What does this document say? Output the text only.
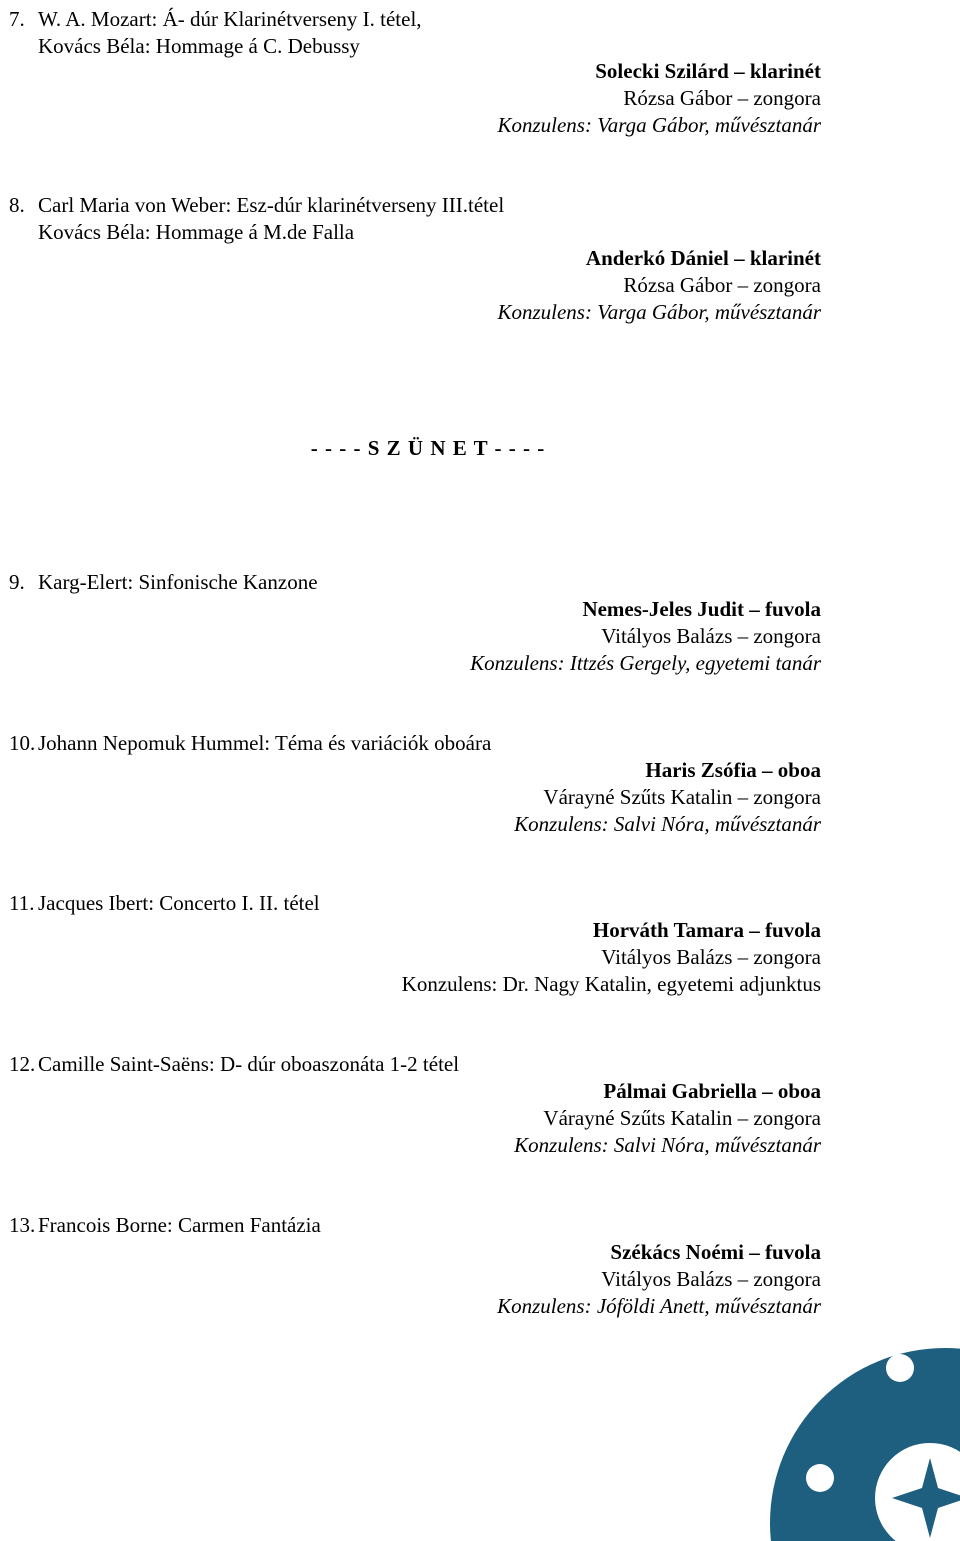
7. W. A. Mozart: Á- dúr Klarinétverseny I. tétel,
Kovács Béla: Hommage á C. Debussy
Solecki Szilárd – klarinét
Rózsa Gábor – zongora
Konzulens: Varga Gábor, művésztanár
8. Carl Maria von Weber: Esz-dúr klarinétverseny III.tétel
Kovács Béla: Hommage á M.de Falla
Anderkó Dániel – klarinét
Rózsa Gábor – zongora
Konzulens: Varga Gábor, művésztanár
- - - - S Z Ü N E T - - - -
9. Karg-Elert: Sinfonische Kanzone
Nemes-Jeles Judit – fuvola
Vitályos Balázs – zongora
Konzulens: Ittzés Gergely, egyetemi tanár
10. Johann Nepomuk Hummel: Téma és variációk oboára
Haris Zsófia – oboa
Várayné Szűts Katalin – zongora
Konzulens: Salvi Nóra, művésztanár
11. Jacques Ibert: Concerto I. II. tétel
Horváth Tamara – fuvola
Vitályos Balázs – zongora
Konzulens: Dr. Nagy Katalin, egyetemi adjunktus
12. Camille Saint-Saëns: D- dúr oboaszonáta 1-2 tétel
Pálmai Gabriella – oboa
Várayné Szűts Katalin – zongora
Konzulens: Salvi Nóra, művésztanár
13. Francois Borne: Carmen Fantázia
Székács Noémi – fuvola
Vitályos Balázs – zongora
Konzulens: Jóföldi Anett, művésztanár
